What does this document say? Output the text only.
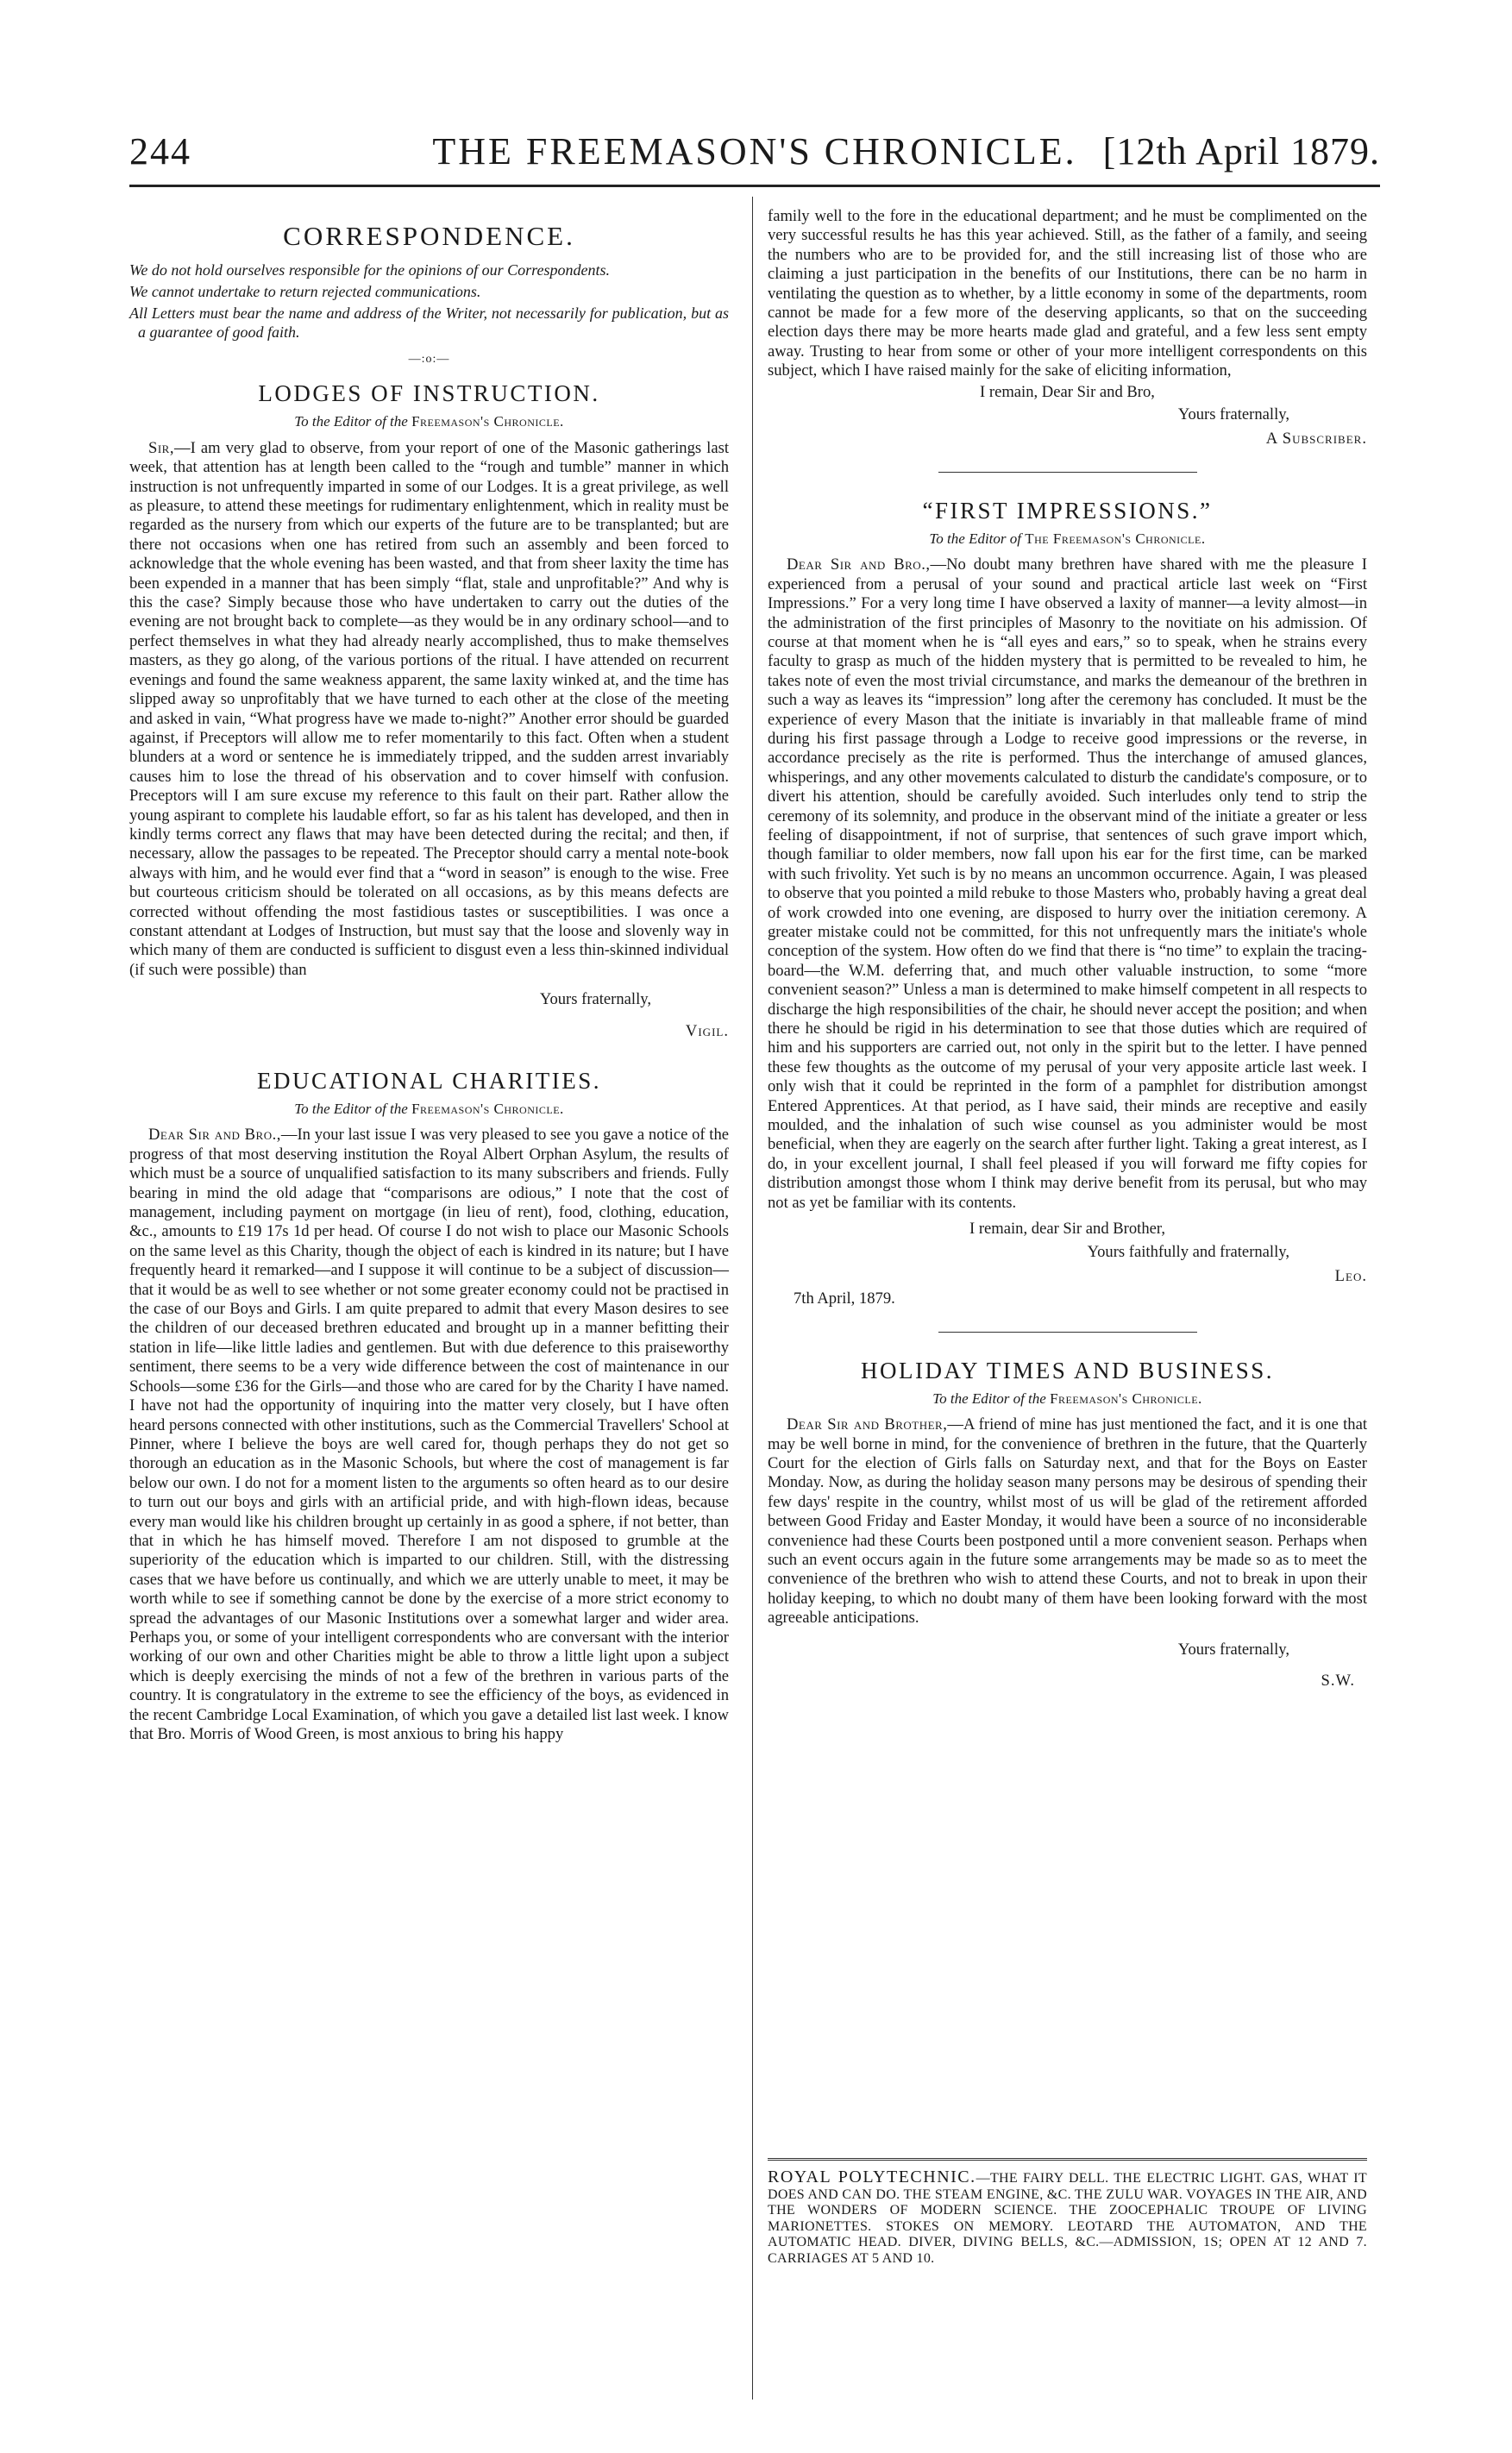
244	THE FREEMASON'S CHRONICLE. [12th April 1879.
CORRESPONDENCE.

We do not hold ourselves responsible for the opinions of our Correspondents.

We cannot undertake to return rejected communications.

All Letters must bear the name and address of the Writer, not necessarily for publication, but as a guarantee of good faith.

—:o:—
LODGES OF INSTRUCTION.
To the Editor of the Freemason's Chronicle.

Sir,—I am very glad to observe, from your report of one of the Masonic gatherings last week, that attention has at length been called to the “rough and tumble” manner in which instruction is not unfrequently imparted in some of our Lodges. It is a great privilege, as well as pleasure, to attend these meetings for rudimentary enlightenment, which in reality must be regarded as the nursery from which our experts of the future are to be transplanted; but are there not occasions when one has retired from such an assembly and been forced to acknowledge that the whole evening has been wasted, and that from sheer laxity the time has been expended in a manner that has been simply “flat, stale and unprofitable?” And why is this the case? Simply because those who have undertaken to carry out the duties of the evening are not brought back to complete—as they would be in any ordinary school—and to perfect themselves in what they had already nearly accomplished, thus to make themselves masters, as they go along, of the various portions of the ritual. I have attended on recurrent evenings and found the same weakness apparent, the same laxity winked at, and the time has slipped away so unprofitably that we have turned to each other at the close of the meeting and asked in vain, “What progress have we made to-night?” Another error should be guarded against, if Preceptors will allow me to refer momentarily to this fact. Often when a student blunders at a word or sentence he is immediately tripped, and the sudden arrest invariably causes him to lose the thread of his observation and to cover himself with confusion. Preceptors will I am sure excuse my reference to this fault on their part. Rather allow the young aspirant to complete his laudable effort, so far as his talent has developed, and then in kindly terms correct any flaws that may have been detected during the recital; and then, if necessary, allow the passages to be repeated. The Preceptor should carry a mental note-book always with him, and he would ever find that a “word in season” is enough to the wise. Free but courteous criticism should be tolerated on all occasions, as by this means defects are corrected without offending the most fastidious tastes or susceptibilities. I was once a constant attendant at Lodges of Instruction, but must say that the loose and slovenly way in which many of them are conducted is sufficient to disgust even a less thin-skinned individual (if such were possible) than

Yours fraternally,

Vigil.

EDUCATIONAL CHARITIES.
To the Editor of the Freemason's Chronicle.

Dear Sir and Bro.,—In your last issue I was very pleased to see you gave a notice of the progress of that most deserving institution the Royal Albert Orphan Asylum, the results of which must be a source of unqualified satisfaction to its many subscribers and friends. Fully bearing in mind the old adage that “comparisons are odious,” I note that the cost of management, including payment on mortgage (in lieu of rent), food, clothing, education, &c., amounts to £19 17s 1d per head. Of course I do not wish to place our Masonic Schools on the same level as this Charity, though the object of each is kindred in its nature; but I have frequently heard it remarked—and I suppose it will continue to be a subject of discussion—that it would be as well to see whether or not some greater economy could not be practised in the case of our Boys and Girls. I am quite prepared to admit that every Mason desires to see the children of our deceased brethren educated and brought up in a manner befitting their station in life—like little ladies and gentlemen. But with due deference to this praiseworthy sentiment, there seems to be a very wide difference between the cost of maintenance in our Schools—some £36 for the Girls—and those who are cared for by the Charity I have named. I have not had the opportunity of inquiring into the matter very closely, but I have often heard persons connected with other institutions, such as the Commercial Travellers' School at Pinner, where I believe the boys are well cared for, though perhaps they do not get so thorough an education as in the Masonic Schools, but where the cost of management is far below our own. I do not for a moment listen to the arguments so often heard as to our desire to turn out our boys and girls with an artificial pride, and with high-flown ideas, because every man would like his children brought up certainly in as good a sphere, if not better, than that in which he has himself moved. Therefore I am not disposed to grumble at the superiority of the education which is imparted to our children. Still, with the distressing cases that we have before us continually, and which we are utterly unable to meet, it may be worth while to see if something cannot be done by the exercise of a more strict economy to spread the advantages of our Masonic Institutions over a somewhat larger and wider area. Perhaps you, or some of your intelligent correspondents who are conversant with the interior working of our own and other Charities might be able to throw a little light upon a subject which is deeply exercising the minds of not a few of the brethren in various parts of the country. It is congratulatory in the extreme to see the efficiency of the boys, as evidenced in the recent Cambridge Local Examination, of which you gave a detailed list last week. I know that Bro. Morris of Wood Green, is most anxious to bring his happy

family well to the fore in the educational department; and he must be complimented on the very successful results he has this year achieved. Still, as the father of a family, and seeing the numbers who are to be provided for, and the still increasing list of those who are claiming a just participation in the benefits of our Institutions, there can be no harm in ventilating the question as to whether, by a little economy in some of the departments, room cannot be made for a few more of the deserving applicants, so that on the succeeding election days there may be more hearts made glad and grateful, and a few less sent empty away. Trusting to hear from some or other of your more intelligent correspondents on this subject, which I have raised mainly for the sake of eliciting information,

I remain, Dear Sir and Bro,

Yours fraternally,

A Subscriber.

“FIRST IMPRESSIONS.”
To the Editor of The Freemason's Chronicle.

Dear Sir and Bro.,—No doubt many brethren have shared with me the pleasure I experienced from a perusal of your sound and practical article last week on “First Impressions.” For a very long time I have observed a laxity of manner—a levity almost—in the administration of the first principles of Masonry to the novitiate on his admission. Of course at that moment when he is “all eyes and ears,” so to speak, when he strains every faculty to grasp as much of the hidden mystery that is permitted to be revealed to him, he takes note of even the most trivial circumstance, and marks the demeanour of the brethren in such a way as leaves its “impression” long after the ceremony has concluded. It must be the experience of every Mason that the initiate is invariably in that malleable frame of mind during his first passage through a Lodge to receive good impressions or the reverse, in accordance precisely as the rite is performed. Thus the interchange of amused glances, whisperings, and any other movements calculated to disturb the candidate's composure, or to divert his attention, should be carefully avoided. Such interludes only tend to strip the ceremony of its solemnity, and produce in the observant mind of the initiate a greater or less feeling of disappointment, if not of surprise, that sentences of such grave import which, though familiar to older members, now fall upon his ear for the first time, can be marked with such frivolity. Yet such is by no means an uncommon occurrence. Again, I was pleased to observe that you pointed a mild rebuke to those Masters who, probably having a great deal of work crowded into one evening, are disposed to hurry over the initiation ceremony. A greater mistake could not be committed, for this not unfrequently mars the initiate's whole conception of the system. How often do we find that there is “no time” to explain the tracing-board—the W.M. deferring that, and much other valuable instruction, to some “more convenient season?” Unless a man is determined to make himself competent in all respects to discharge the high responsibilities of the chair, he should never accept the position; and when there he should be rigid in his determination to see that those duties which are required of him and his supporters are carried out, not only in the spirit but to the letter. I have penned these few thoughts as the outcome of my perusal of your very apposite article last week. I only wish that it could be reprinted in the form of a pamphlet for distribution amongst Entered Apprentices. At that period, as I have said, their minds are receptive and easily moulded, and the inhalation of such wise counsel as you administer would be most beneficial, when they are eagerly on the search after further light. Taking a great interest, as I do, in your excellent journal, I shall feel pleased if you will forward me fifty copies for distribution amongst those whom I think may derive benefit from its perusal, but who may not as yet be familiar with its contents.

I remain, dear Sir and Brother,

Yours faithfully and fraternally,

Leo.

7th April, 1879.

HOLIDAY TIMES AND BUSINESS.
To the Editor of the Freemason's Chronicle.

Dear Sir and Brother,—A friend of mine has just mentioned the fact, and it is one that may be well borne in mind, for the convenience of brethren in the future, that the Quarterly Court for the election of Girls falls on Saturday next, and that for the Boys on Easter Monday. Now, as during the holiday season many persons may be desirous of spending their few days' respite in the country, whilst most of us will be glad of the retirement afforded between Good Friday and Easter Monday, it would have been a source of no inconsiderable convenience had these Courts been postponed until a more convenient season. Perhaps when such an event occurs again in the future some arrangements may be made so as to meet the convenience of the brethren who wish to attend these Courts, and not to break in upon their holiday keeping, to which no doubt many of them have been looking forward with the most agreeable anticipations.

Yours fraternally,

S.W.

ROYAL POLYTECHNIC.—THE FAIRY DELL. THE ELECTRIC LIGHT. GAS, WHAT IT DOES AND CAN DO. THE STEAM ENGINE, &C. THE ZULU WAR. VOYAGES IN THE AIR, AND THE WONDERS OF MODERN SCIENCE. THE ZOOCEPHALIC TROUPE OF LIVING MARIONETTES. STOKES ON MEMORY. LEOTARD THE AUTOMATON, AND THE AUTOMATIC HEAD. DIVER, DIVING BELLS, &C.—ADMISSION, 1S; OPEN AT 12 AND 7. CARRIAGES AT 5 AND 10.
